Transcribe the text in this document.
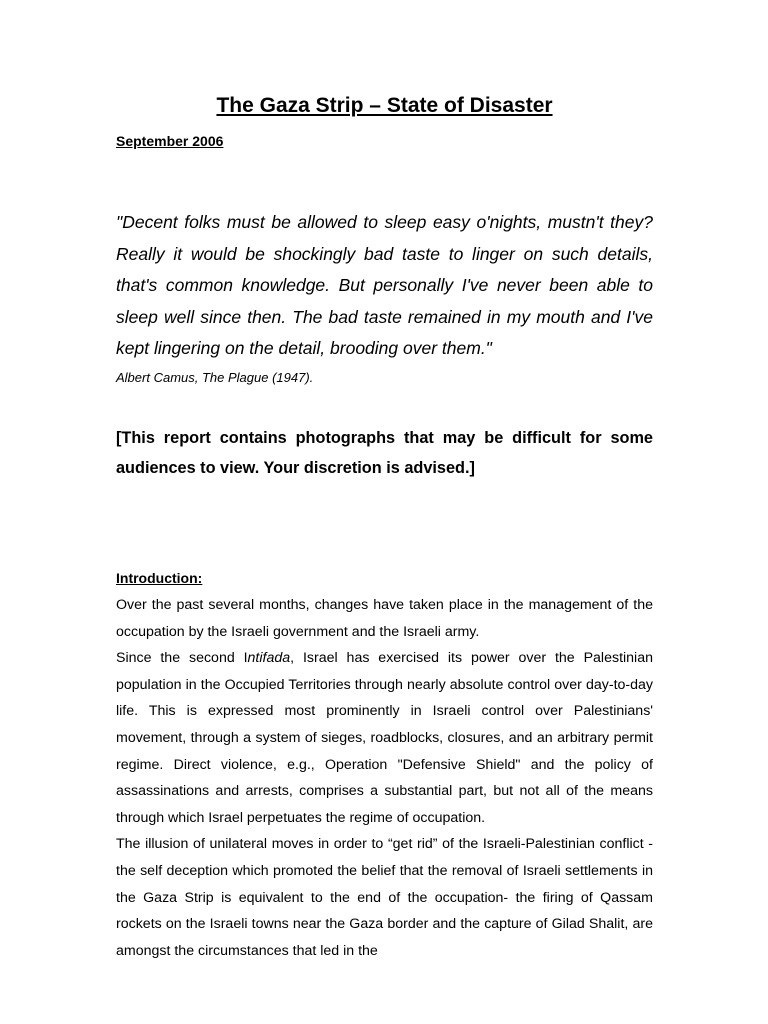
The Gaza Strip – State of Disaster
September 2006

"Decent folks must be allowed to sleep easy o'nights, mustn't they? Really it would be shockingly bad taste to linger on such details, that's common knowledge. But personally I've never been able to sleep well since then. The bad taste remained in my mouth and I've kept lingering on the detail, brooding over them."

Albert Camus, The Plague (1947).

[This report contains photographs that may be difficult for some audiences to view. Your discretion is advised.]

Introduction:

Over the past several months, changes have taken place in the management of the occupation by the Israeli government and the Israeli army.

Since the second Intifada, Israel has exercised its power over the Palestinian population in the Occupied Territories through nearly absolute control over day-to-day life. This is expressed most prominently in Israeli control over Palestinians' movement, through a system of sieges, roadblocks, closures, and an arbitrary permit regime. Direct violence, e.g., Operation "Defensive Shield" and the policy of assassinations and arrests, comprises a substantial part, but not all of the means through which Israel perpetuates the regime of occupation.

The illusion of unilateral moves in order to “get rid” of the Israeli-Palestinian conflict - the self deception which promoted the belief that the removal of Israeli settlements in the Gaza Strip is equivalent to the end of the occupation- the firing of Qassam rockets on the Israeli towns near the Gaza border and the capture of Gilad Shalit, are amongst the circumstances that led in the
